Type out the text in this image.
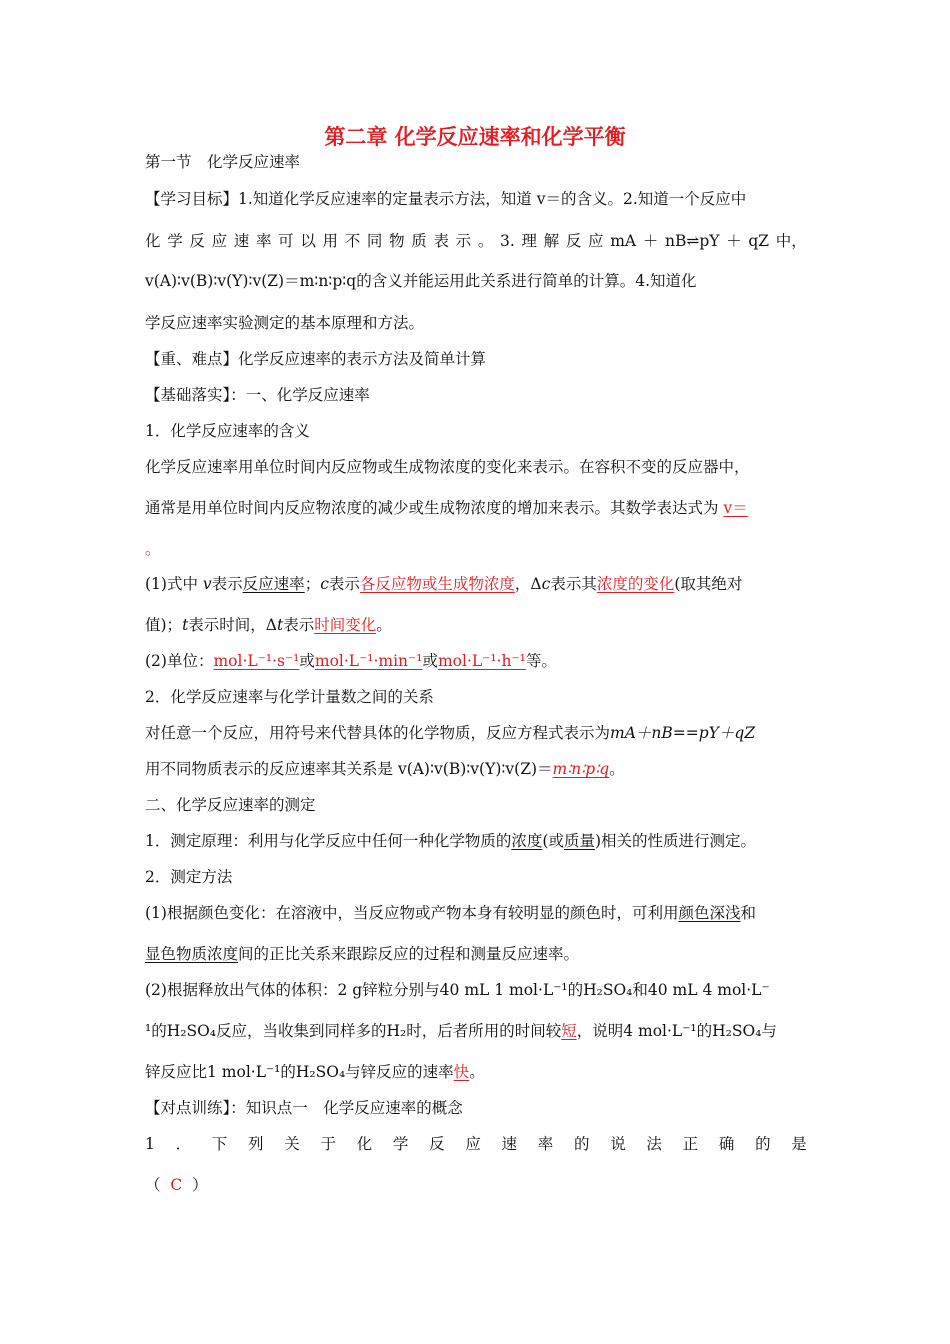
第二章 化学反应速率和化学平衡
第一节　化学反应速率
【学习目标】1.知道化学反应速率的定量表示方法，知道 v＝的含义。2.知道一个反应中
化 学 反 应 速 率 可 以 用 不 同 物 质 表 示 。 3. 理 解 反 应 mA ＋ nB⇌pY ＋ qZ 中，
v(A)∶v(B)∶v(Y)∶v(Z)＝m∶n∶p∶q的含义并能运用此关系进行简单的计算。4.知道化
学反应速率实验测定的基本原理和方法。
【重、难点】化学反应速率的表示方法及简单计算
【基础落实】：一、化学反应速率
1．化学反应速率的含义
化学反应速率用单位时间内反应物或生成物浓度的变化来表示。在容积不变的反应器中，
通常是用单位时间内反应物浓度的减少或生成物浓度的增加来表示。其数学表达式为 v＝
。
(1)式中 v表示反应速率；c表示各反应物或生成物浓度，Δc表示其浓度的变化(取其绝对
值)；t表示时间，Δt表示时间变化。
(2)单位：mol·L⁻¹·s⁻¹或mol·L⁻¹·min⁻¹或mol·L⁻¹·h⁻¹等。
2．化学反应速率与化学计量数之间的关系
对任意一个反应，用符号来代替具体的化学物质，反应方程式表示为mA＋nB==pY＋qZ
用不同物质表示的反应速率其关系是 v(A)∶v(B)∶v(Y)∶v(Z)＝m∶n∶p∶q。
二、化学反应速率的测定
1．测定原理：利用与化学反应中任何一种化学物质的浓度(或质量)相关的性质进行测定。
2．测定方法
(1)根据颜色变化：在溶液中，当反应物或产物本身有较明显的颜色时，可利用颜色深浅和
显色物质浓度间的正比关系来跟踪反应的过程和测量反应速率。
(2)根据释放出气体的体积：2 g锌粒分别与40 mL 1 mol·L⁻¹的H₂SO₄和40 mL 4 mol·L⁻
¹的H₂SO₄反应，当收集到同样多的H₂时，后者所用的时间较短，说明4 mol·L⁻¹的H₂SO₄与
锌反应比1 mol·L⁻¹的H₂SO₄与锌反应的速率快。
【对点训练】：知识点一　化学反应速率的概念
1 ． 下 列 关 于 化 学 反 应 速 率 的 说 法 正 确 的 是
（ C ）
